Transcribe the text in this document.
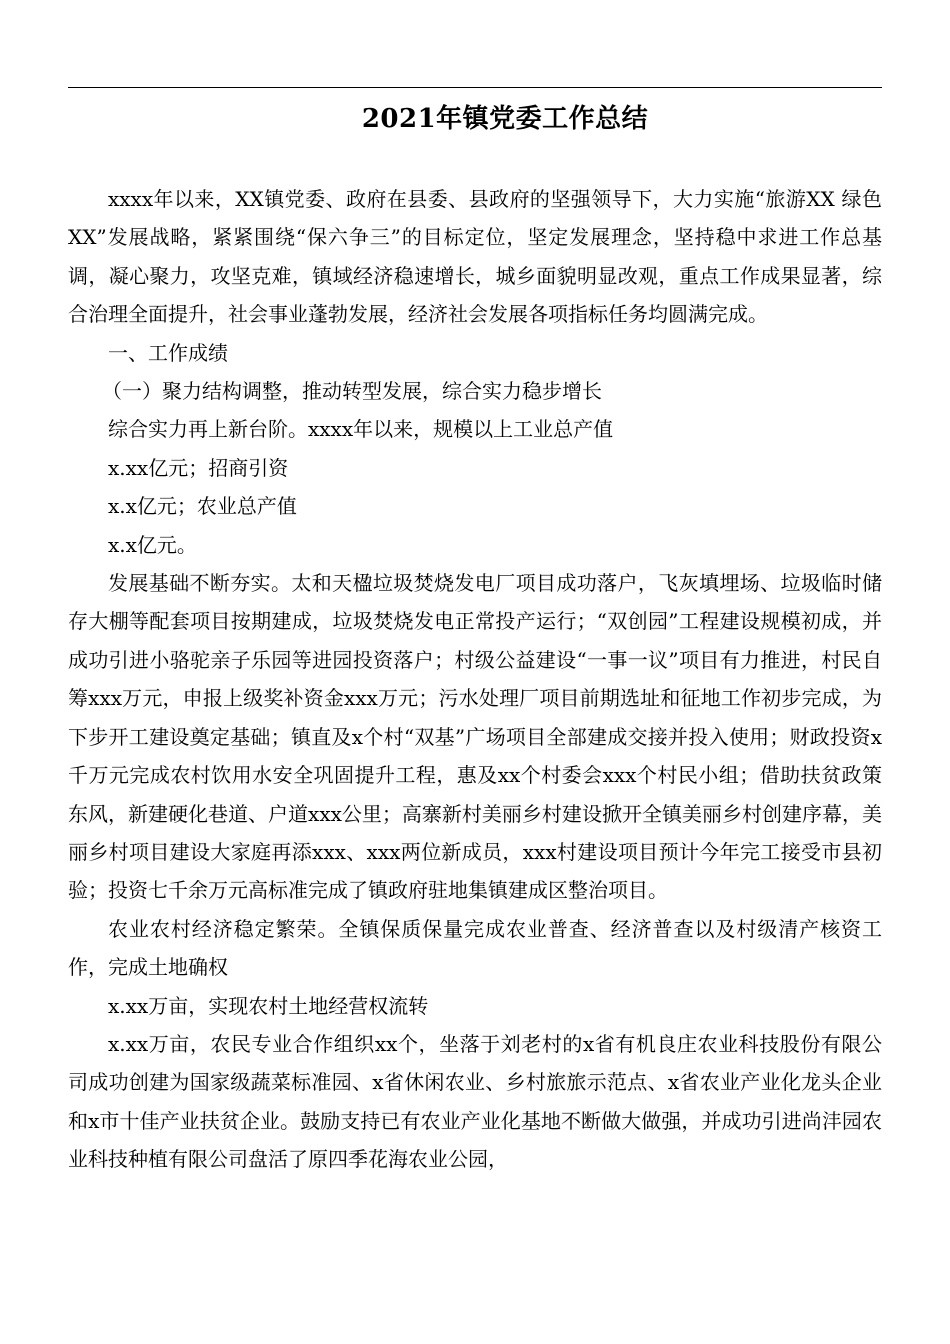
2021年镇党委工作总结

xxxx年以来，XX镇党委、政府在县委、县政府的坚强领导下，大力实施“旅游XX 绿色XX”发展战略，紧紧围绕“保六争三”的目标定位，坚定发展理念，坚持稳中求进工作总基调，凝心聚力，攻坚克难，镇域经济稳速增长，城乡面貌明显改观，重点工作成果显著，综合治理全面提升，社会事业蓬勃发展，经济社会发展各项指标任务均圆满完成。

一、工作成绩

（一）聚力结构调整，推动转型发展，综合实力稳步增长

综合实力再上新台阶。xxxx年以来，规模以上工业总产值

x.xx亿元；招商引资

x.x亿元；农业总产值

x.x亿元。

发展基础不断夯实。太和天楹垃圾焚烧发电厂项目成功落户，飞灰填埋场、垃圾临时储存大棚等配套项目按期建成，垃圾焚烧发电正常投产运行；“双创园”工程建设规模初成，并成功引进小骆驼亲子乐园等进园投资落户；村级公益建设“一事一议”项目有力推进，村民自筹xxx万元，申报上级奖补资金xxx万元；污水处理厂项目前期选址和征地工作初步完成，为下步开工建设奠定基础；镇直及x个村“双基”广场项目全部建成交接并投入使用；财政投资x千万元完成农村饮用水安全巩固提升工程，惠及xx个村委会xxx个村民小组；借助扶贫政策东风，新建硬化巷道、户道xxx公里；高寨新村美丽乡村建设掀开全镇美丽乡村创建序幕，美丽乡村项目建设大家庭再添xxx、xxx两位新成员，xxx村建设项目预计今年完工接受市县初验；投资七千余万元高标准完成了镇政府驻地集镇建成区整治项目。

农业农村经济稳定繁荣。全镇保质保量完成农业普查、经济普查以及村级清产核资工作，完成土地确权

x.xx万亩，实现农村土地经营权流转

x.xx万亩，农民专业合作组织xx个，坐落于刘老村的x省有机良庄农业科技股份有限公司成功创建为国家级蔬菜标准园、x省休闲农业、乡村旅旅示范点、x省农业产业化龙头企业和x市十佳产业扶贫企业。鼓励支持已有农业产业化基地不断做大做强，并成功引进尚沣园农业科技种植有限公司盘活了原四季花海农业公园，
